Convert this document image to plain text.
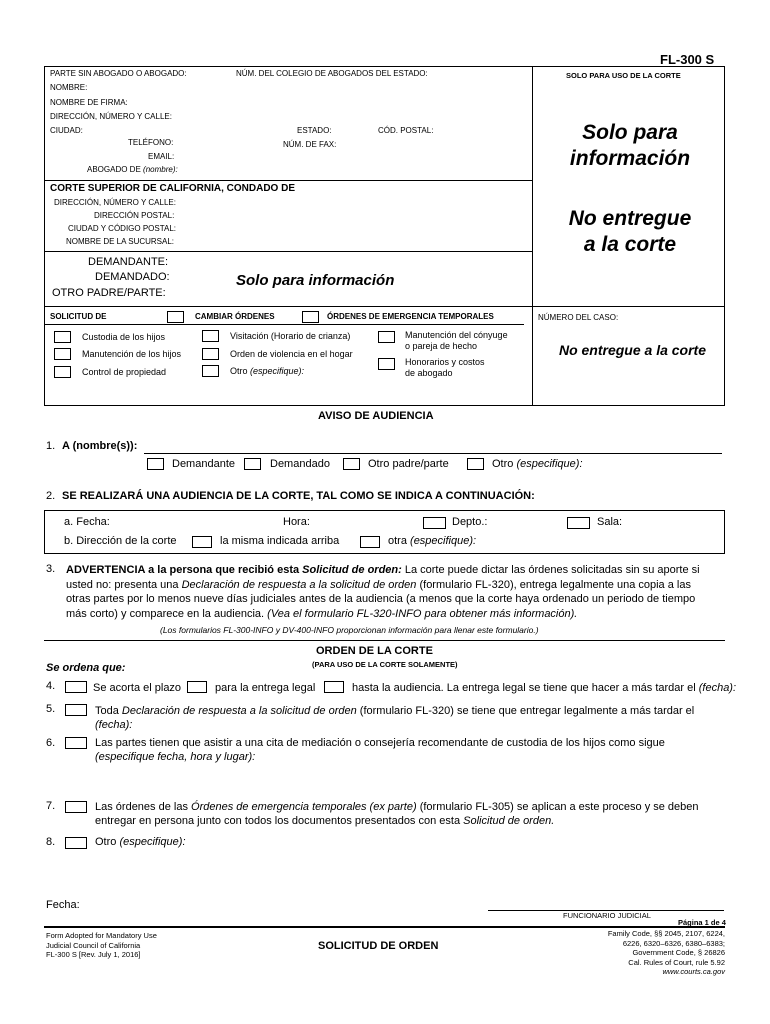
FL-300 S
PARTE SIN ABOGADO O ABOGADO:	NÚM. DEL COLEGIO DE ABOGADOS DEL ESTADO:	SOLO PARA USO DE LA CORTE
NOMBRE:
NOMBRE DE FIRMA:
DIRECCIÓN, NÚMERO Y CALLE:
CIUDAD:	ESTADO:	CÓD. POSTAL:
TELÉFONO:	NÚM. DE FAX:
EMAIL:
ABOGADO DE (nombre):
Solo para
información
CORTE SUPERIOR DE CALIFORNIA, CONDADO DE
DIRECCIÓN, NÚMERO Y CALLE:
DIRECCIÓN POSTAL:
CIUDAD Y CÓDIGO POSTAL:
NOMBRE DE LA SUCURSAL:
No entregue
a la corte
DEMANDANTE:
DEMANDADO:
OTRO PADRE/PARTE:
Solo para información
SOLICITUD DE	CAMBIAR ÓRDENES	ÓRDENES DE EMERGENCIA TEMPORALES	NÚMERO DEL CASO:
No entregue a la corte
Custodia de los hijos
Manutención de los hijos
Control de propiedad
Visitación (Horario de crianza)
Orden de violencia en el hogar
Otro (especifique):
Manutención del cónyuge
o pareja de hecho
Honorarios y costos
de abogado
AVISO DE AUDIENCIA
1. A (nombre(s)):
Demandante	Demandado	Otro padre/parte	Otro (especifique):
2. SE REALIZARÁ UNA AUDIENCIA DE LA CORTE, TAL COMO SE INDICA A CONTINUACIÓN:
a. Fecha:	Hora:	Depto.:	Sala:
b. Dirección de la corte	la misma indicada arriba	otra (especifique):
3. ADVERTENCIA a la persona que recibió esta Solicitud de orden: La corte puede dictar las órdenes solicitadas sin su aporte si
usted no: presenta una Declaración de respuesta a la solicitud de orden (formulario FL-320), entrega legalmente una copia a las
otras partes por lo menos nueve días judiciales antes de la audiencia (a menos que la corte haya ordenado un periodo de tiempo
más corto) y comparece en la audiencia. (Vea el formulario FL-320-INFO para obtener más información).
(Los formularios FL-300-INFO y DV-400-INFO proporcionan información para llenar este formulario.)
ORDEN DE LA CORTE
(PARA USO DE LA CORTE SOLAMENTE)
Se ordena que:
4.	Se acorta el plazo	para la entrega legal	hasta la audiencia. La entrega legal se tiene que hacer a más tardar el (fecha):
5.	Toda Declaración de respuesta a la solicitud de orden (formulario FL-320) se tiene que entregar legalmente a más tardar el
(fecha):
6.	Las partes tienen que asistir a una cita de mediación o consejería recomendante de custodia de los hijos como sigue
(especifique fecha, hora y lugar):
7.	Las órdenes de las Órdenes de emergencia temporales (ex parte) (formulario FL-305) se aplican a este proceso y se deben
entregar en persona junto con todos los documentos presentados con esta Solicitud de orden.
8.	Otro (especifique):
Fecha:
FUNCIONARIO JUDICIAL
Página 1 de 4
Form Adopted for Mandatory Use
Judicial Council of California
FL-300 S [Rev. July 1, 2016]
SOLICITUD DE ORDEN
Family Code, §§ 2045, 2107, 6224,
6226, 6320–6326, 6380–6383;
Government Code, § 26826
Cal. Rules of Court, rule 5.92
www.courts.ca.gov
